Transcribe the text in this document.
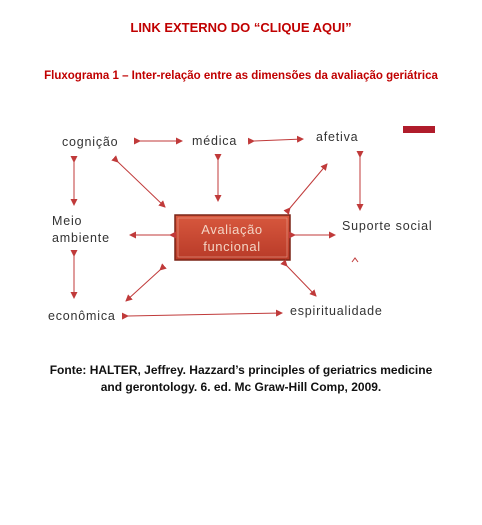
LINK EXTERNO DO “CLIQUE AQUI”
Fluxograma 1 – Inter-relação entre as dimensões da avaliação geriátrica
Avaliação
funcional
cognição	médica	afetiva
Meio
ambiente
Suporte social
econômica	espiritualidade
Fonte: HALTER, Jeffrey. Hazzard’s principles of geriatrics medicine
and gerontology. 6. ed. Mc Graw-Hill Comp, 2009.
